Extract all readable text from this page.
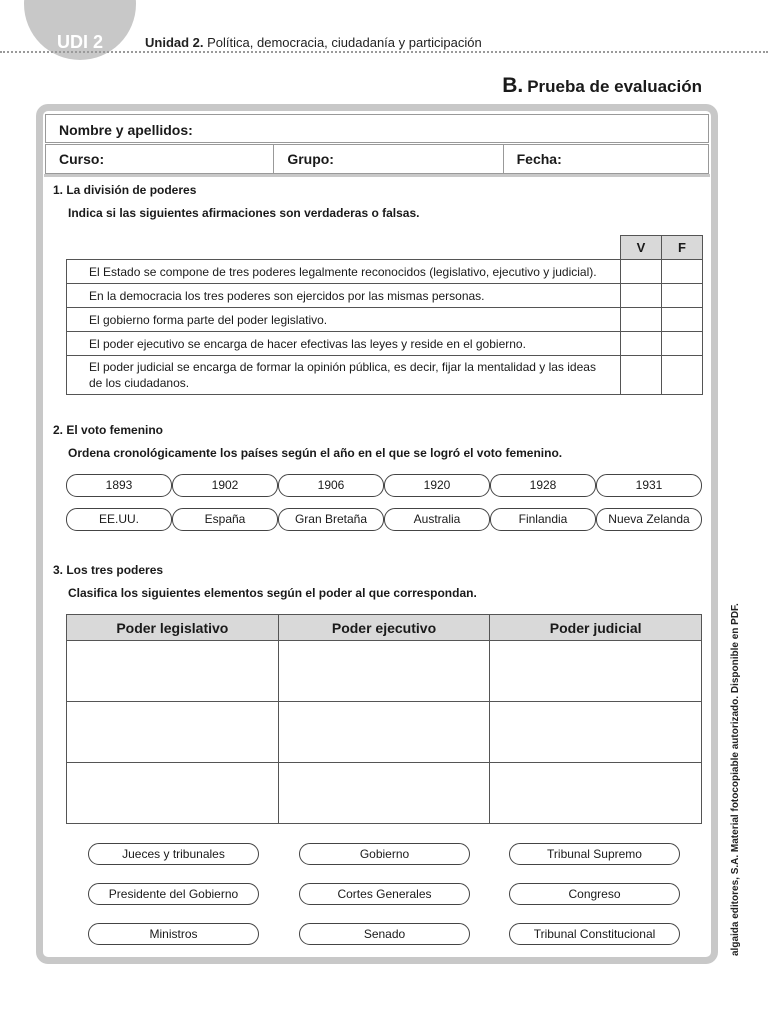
UDI 2	Unidad 2. Política, democracia, ciudadanía y participación
B. Prueba de evaluación
Nombre y apellidos:
Curso:	Grupo:	Fecha:
1. La división de poderes
Indica si las siguientes afirmaciones son verdaderas o falsas.
	V	F
El Estado se compone de tres poderes legalmente reconocidos (legislativo, ejecutivo y judicial).		
En la democracia los tres poderes son ejercidos por las mismas personas.		
El gobierno forma parte del poder legislativo.		
El poder ejecutivo se encarga de hacer efectivas las leyes y reside en el gobierno.		
El poder judicial se encarga de formar la opinión pública, es decir, fijar la mentalidad y las ideas de los ciudadanos.		
2. El voto femenino
Ordena cronológicamente los países según el año en el que se logró el voto femenino.
1893	1902	1906	1920	1928	1931
EE.UU.	España	Gran Bretaña	Australia	Finlandia	Nueva Zelanda
3. Los tres poderes
Clasifica los siguientes elementos según el poder al que correspondan.
Poder legislativo	Poder ejecutivo	Poder judicial

Jueces y tribunales	Gobierno	Tribunal Supremo
Presidente del Gobierno	Cortes Generales	Congreso
Ministros	Senado	Tribunal Constitucional	algaida editores, S.A. Material fotocopiable autorizado. Disponible en PDF.
